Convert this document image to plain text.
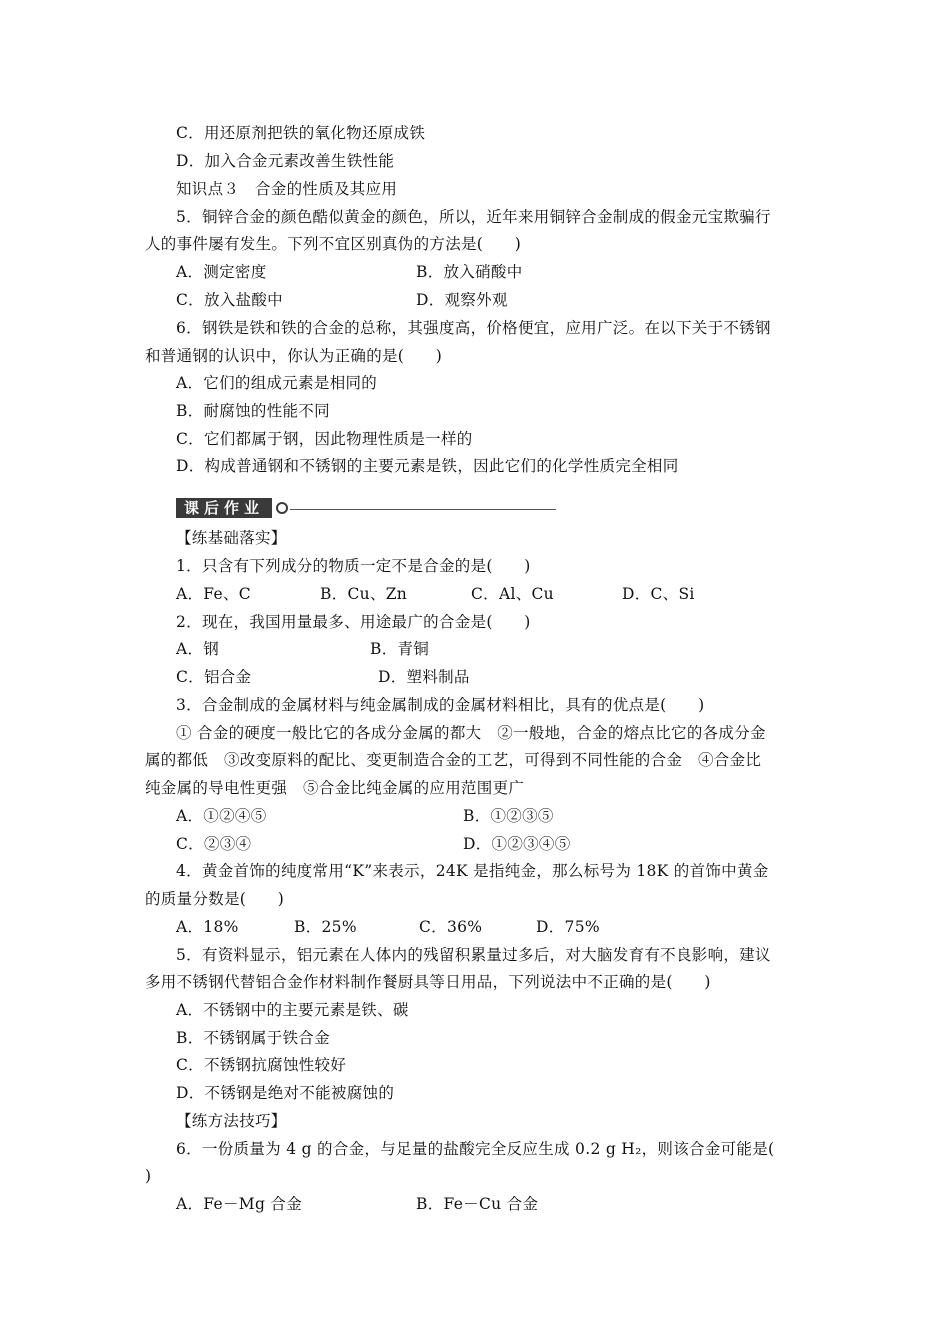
C．用还原剂把铁的氧化物还原成铁
D．加入合金元素改善生铁性能
知识点３　合金的性质及其应用
5．铜锌合金的颜色酷似黄金的颜色，所以，近年来用铜锌合金制成的假金元宝欺骗行
人的事件屡有发生。下列不宜区别真伪的方法是(　　)
A．测定密度	B．放入硝酸中
C．放入盐酸中	D．观察外观
6．钢铁是铁和铁的合金的总称，其强度高，价格便宜，应用广泛。在以下关于不锈钢
和普通钢的认识中，你认为正确的是(　　)
A．它们的组成元素是相同的
B．耐腐蚀的性能不同
C．它们都属于钢，因此物理性质是一样的
D．构成普通钢和不锈钢的主要元素是铁，因此它们的化学性质完全相同
课后作业
【练基础落实】
1．只含有下列成分的物质一定不是合金的是(　　)
A．Fe、C	B．Cu、Zn	C．Al、Cu	D．C、Si
2．现在，我国用量最多、用途最广的合金是(　　)
A．钢	B．青铜
C．铝合金	D．塑料制品
3．合金制成的金属材料与纯金属制成的金属材料相比，具有的优点是(　　)
① 合金的硬度一般比它的各成分金属的都大　②一般地，合金的熔点比它的各成分金
属的都低　③改变原料的配比、变更制造合金的工艺，可得到不同性能的合金　④合金比
纯金属的导电性更强　⑤合金比纯金属的应用范围更广
A．①②④⑤	B．①②③⑤
C．②③④	D．①②③④⑤
4．黄金首饰的纯度常用“K”来表示，24K 是指纯金，那么标号为 18K 的首饰中黄金
的质量分数是(　　)
A．18%	B．25%	C．36%	D．75%
5．有资料显示，铝元素在人体内的残留积累量过多后，对大脑发育有不良影响，建议
多用不锈钢代替铝合金作材料制作餐厨具等日用品，下列说法中不正确的是(　　)
A．不锈钢中的主要元素是铁、碳
B．不锈钢属于铁合金
C．不锈钢抗腐蚀性较好
D．不锈钢是绝对不能被腐蚀的
【练方法技巧】
6．一份质量为 4 g 的合金，与足量的盐酸完全反应生成 0.2 g H₂，则该合金可能是(
)
A．Fe－Mg 合金	B．Fe－Cu 合金
